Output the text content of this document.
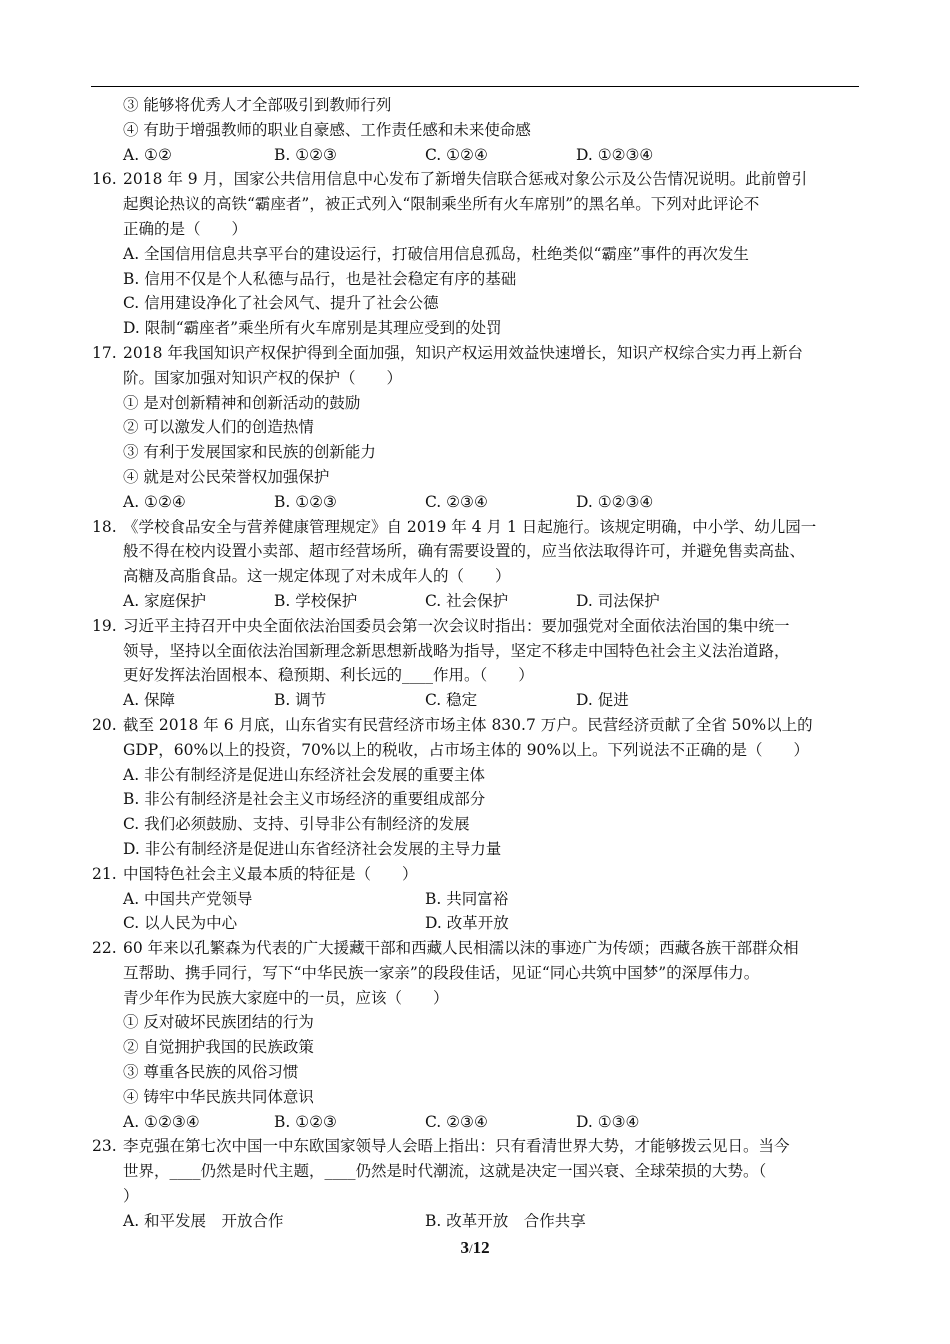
③ 能够将优秀人才全部吸引到教师行列
④ 有助于增强教师的职业自豪感、工作责任感和未来使命感
A. ①②	B. ①②③	C. ①②④	D. ①②③④
16. 2018 年 9 月，国家公共信用信息中心发布了新增失信联合惩戒对象公示及公告情况说明。此前曾引
起舆论热议的高铁“霸座者”，被正式列入“限制乘坐所有火车席别”的黑名单。下列对此评论不
正确的是（　　）
A. 全国信用信息共享平台的建设运行，打破信用信息孤岛，杜绝类似“霸座”事件的再次发生
B. 信用不仅是个人私德与品行，也是社会稳定有序的基础
C. 信用建设净化了社会风气、提升了社会公德
D. 限制“霸座者”乘坐所有火车席别是其理应受到的处罚
17. 2018 年我国知识产权保护得到全面加强，知识产权运用效益快速增长，知识产权综合实力再上新台
阶。国家加强对知识产权的保护（　　）
① 是对创新精神和创新活动的鼓励
② 可以激发人们的创造热情
③ 有利于发展国家和民族的创新能力
④ 就是对公民荣誉权加强保护
A. ①②④	B. ①②③	C. ②③④	D. ①②③④
18. 《学校食品安全与营养健康管理规定》自 2019 年 4 月 1 日起施行。该规定明确，中小学、幼儿园一
般不得在校内设置小卖部、超市经营场所，确有需要设置的，应当依法取得许可，并避免售卖高盐、
高糖及高脂食品。这一规定体现了对未成年人的（　　）
A. 家庭保护	B. 学校保护	C. 社会保护	D. 司法保护
19. 习近平主持召开中央全面依法治国委员会第一次会议时指出：要加强党对全面依法治国的集中统一
领导，坚持以全面依法治国新理念新思想新战略为指导，坚定不移走中国特色社会主义法治道路，
更好发挥法治固根本、稳预期、利长远的____作用。（　　）
A. 保障	B. 调节	C. 稳定	D. 促进
20. 截至 2018 年 6 月底，山东省实有民营经济市场主体 830.7 万户。民营经济贡献了全省 50%以上的
GDP，60%以上的投资，70%以上的税收，占市场主体的 90%以上。下列说法不正确的是（　　）
A. 非公有制经济是促进山东经济社会发展的重要主体
B. 非公有制经济是社会主义市场经济的重要组成部分
C. 我们必须鼓励、支持、引导非公有制经济的发展
D. 非公有制经济是促进山东省经济社会发展的主导力量
21. 中国特色社会主义最本质的特征是（　　）
A. 中国共产党领导	B. 共同富裕
C. 以人民为中心	D. 改革开放
22. 60 年来以孔繁森为代表的广大援藏干部和西藏人民相濡以沫的事迹广为传颂；西藏各族干部群众相
互帮助、携手同行，写下“中华民族一家亲”的段段佳话，见证“同心共筑中国梦”的深厚伟力。
青少年作为民族大家庭中的一员，应该（　　）
① 反对破坏民族团结的行为
② 自觉拥护我国的民族政策
③ 尊重各民族的风俗习惯
④ 铸牢中华民族共同体意识
A. ①②③④	B. ①②③	C. ②③④	D. ①③④
23. 李克强在第七次中国一中东欧国家领导人会晤上指出：只有看清世界大势，才能够拨云见日。当今
世界，____仍然是时代主题，____仍然是时代潮流，这就是决定一国兴衰、全球荣损的大势。（
）
A. 和平发展　开放合作	B. 改革开放　合作共享
3/12
